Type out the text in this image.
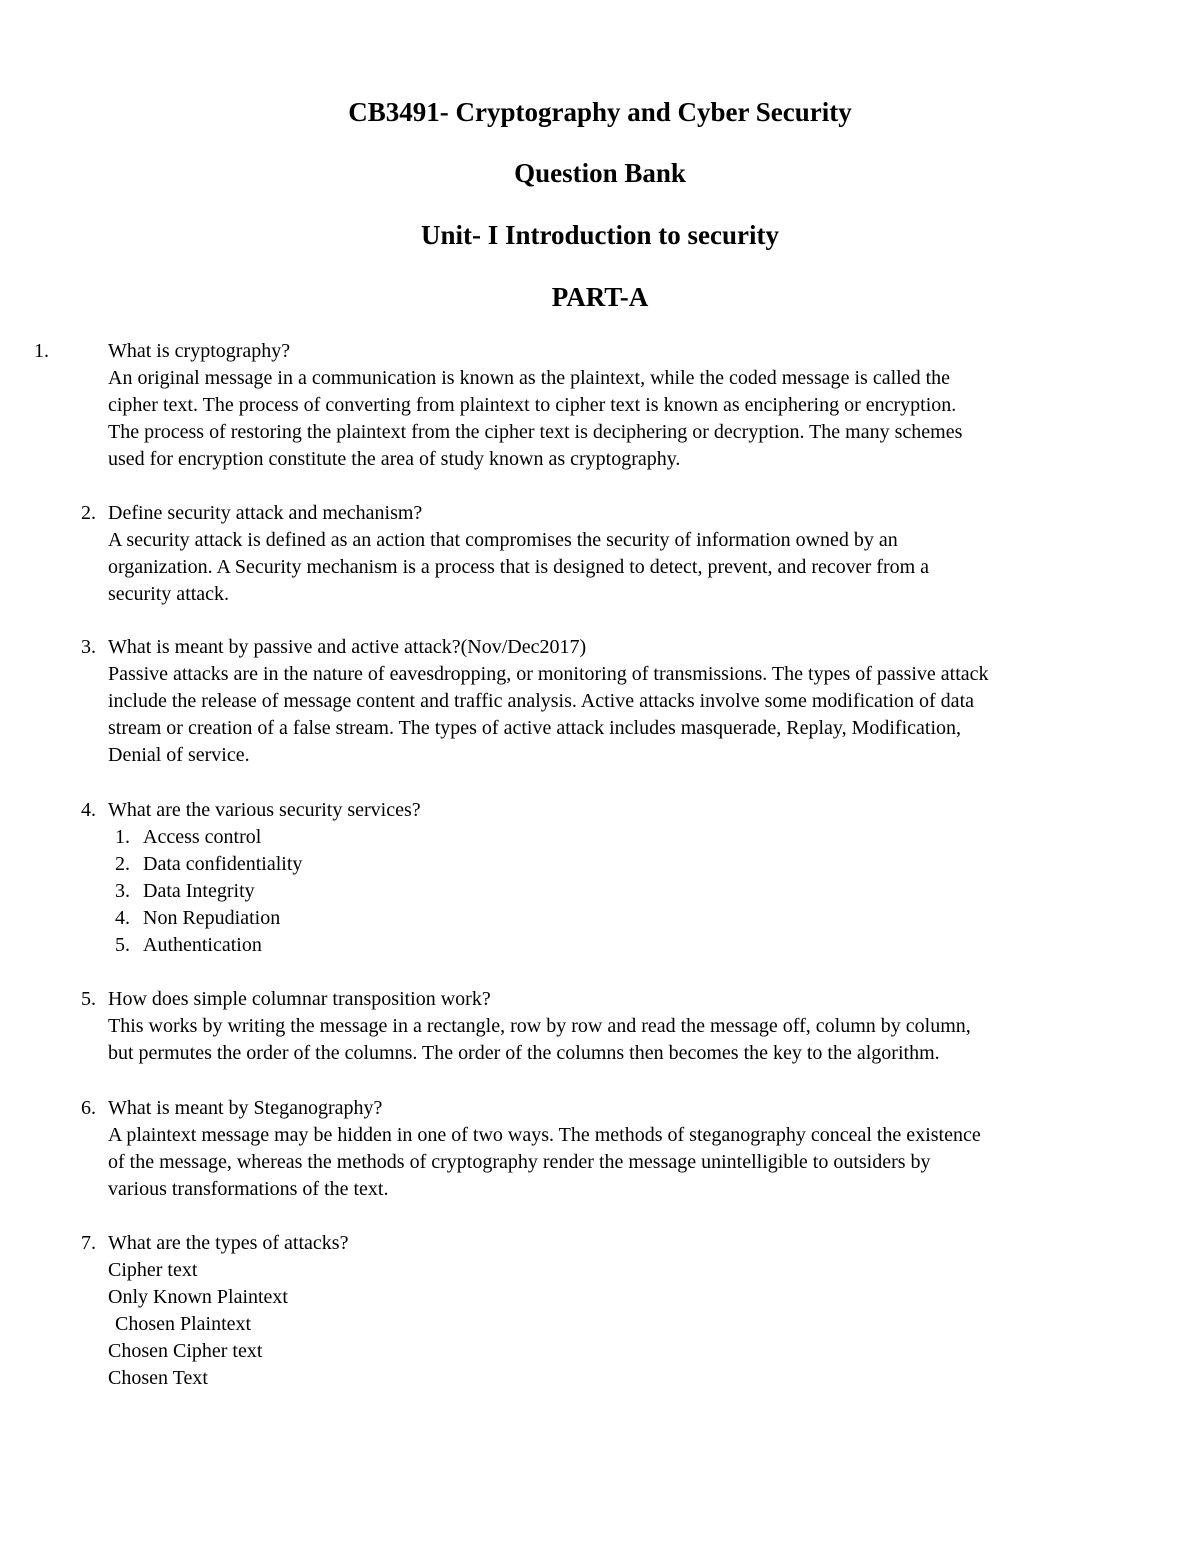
CB3491- Cryptography and Cyber Security
Question Bank
Unit- I Introduction to security
PART-A
1.	What is cryptography?
An original message in a communication is known as the plaintext, while the coded message is called the
cipher text. The process of converting from plaintext to cipher text is known as enciphering or encryption.
The process of restoring the plaintext from the cipher text is deciphering or decryption. The many schemes
used for encryption constitute the area of study known as cryptography.
2. Define security attack and mechanism?
A security attack is defined as an action that compromises the security of information owned by an
organization. A Security mechanism is a process that is designed to detect, prevent, and recover from a
security attack.
3. What is meant by passive and active attack?(Nov/Dec2017)
Passive attacks are in the nature of eavesdropping, or monitoring of transmissions. The types of passive attack
include the release of message content and traffic analysis. Active attacks involve some modification of data
stream or creation of a false stream. The types of active attack includes masquerade, Replay, Modification,
Denial of service.
4. What are the various security services?
1. Access control
2. Data confidentiality
3. Data Integrity
4. Non Repudiation
5. Authentication
5. How does simple columnar transposition work?
This works by writing the message in a rectangle, row by row and read the message off, column by column,
but permutes the order of the columns. The order of the columns then becomes the key to the algorithm.
6. What is meant by Steganography?
A plaintext message may be hidden in one of two ways. The methods of steganography conceal the existence
of the message, whereas the methods of cryptography render the message unintelligible to outsiders by
various transformations of the text.
7. What are the types of attacks?
Cipher text
Only Known Plaintext
Chosen Plaintext
Chosen Cipher text
Chosen Text
